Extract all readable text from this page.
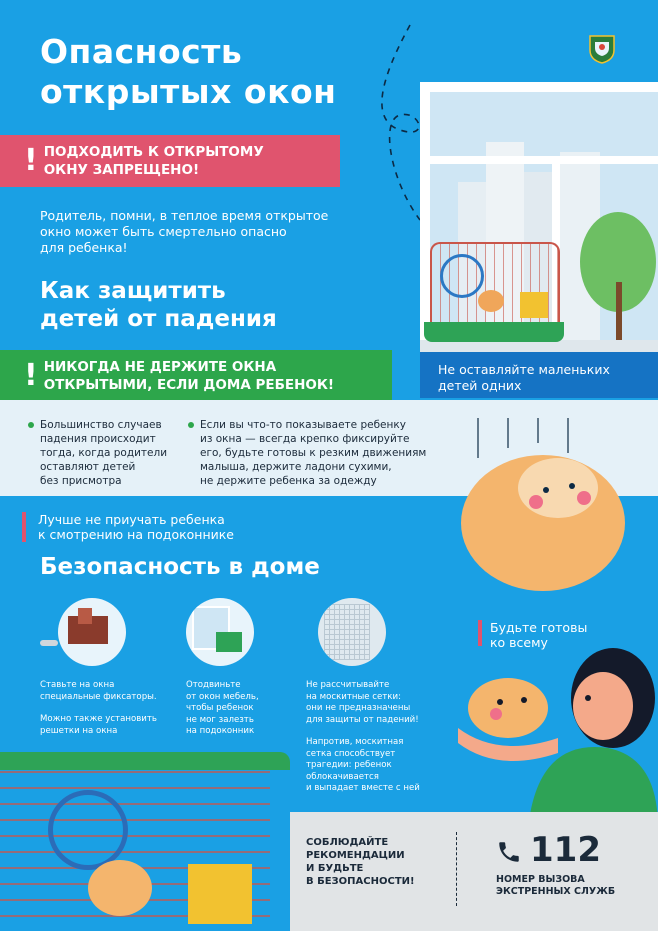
Опасность
открытых окон
! ПОДХОДИТЬ К ОТКРЫТОМУ
ОКНУ ЗАПРЕЩЕНО!
Родитель, помни, в теплое время открытое
окно может быть смертельно опасно
для ребенка!
Как защитить
детей от падения
! НИКОГДА НЕ ДЕРЖИТЕ ОКНА
ОТКРЫТЫМИ, ЕСЛИ ДОМА РЕБЕНОК!
Не оставляйте маленьких
детей одних
Большинство случаев
падения происходит
тогда, когда родители
оставляют детей
без присмотра
Если вы что-то показываете ребенку
из окна — всегда крепко фиксируйте
его, будьте готовы к резким движениям
малыша, держите ладони сухими,
не держите ребенка за одежду
Лучше не приучать ребенка
к смотрению на подоконнике
Безопасность в доме
Ставьте на окна
специальные фиксаторы.
Можно также установить
решетки на окна
Отодвиньте
от окон мебель,
чтобы ребенок
не мог залезть
на подоконник
Не рассчитывайте
на москитные сетки:
они не предназначены
для защиты от падений!
Напротив, москитная
сетка способствует
трагедии: ребенок
облокачивается
и выпадает вместе с ней
Будьте готовы
ко всему
СОБЛЮДАЙТЕ
РЕКОМЕНДАЦИИ
И БУДЬТЕ
В БЕЗОПАСНОСТИ!
112
НОМЕР ВЫЗОВА
ЭКСТРЕННЫХ СЛУЖБ
